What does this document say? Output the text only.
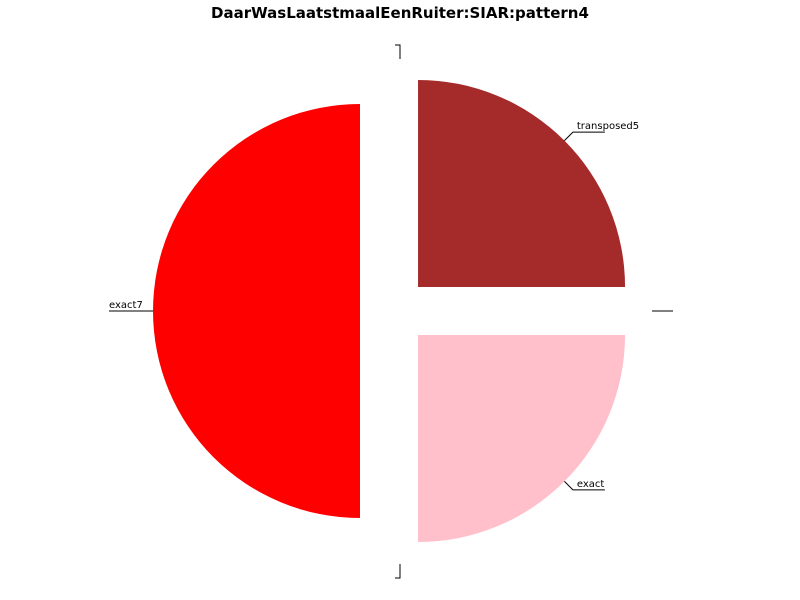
DaarWasLaatstmaalEenRuiter:SIAR:pattern4
transposed5
exact
exact7
